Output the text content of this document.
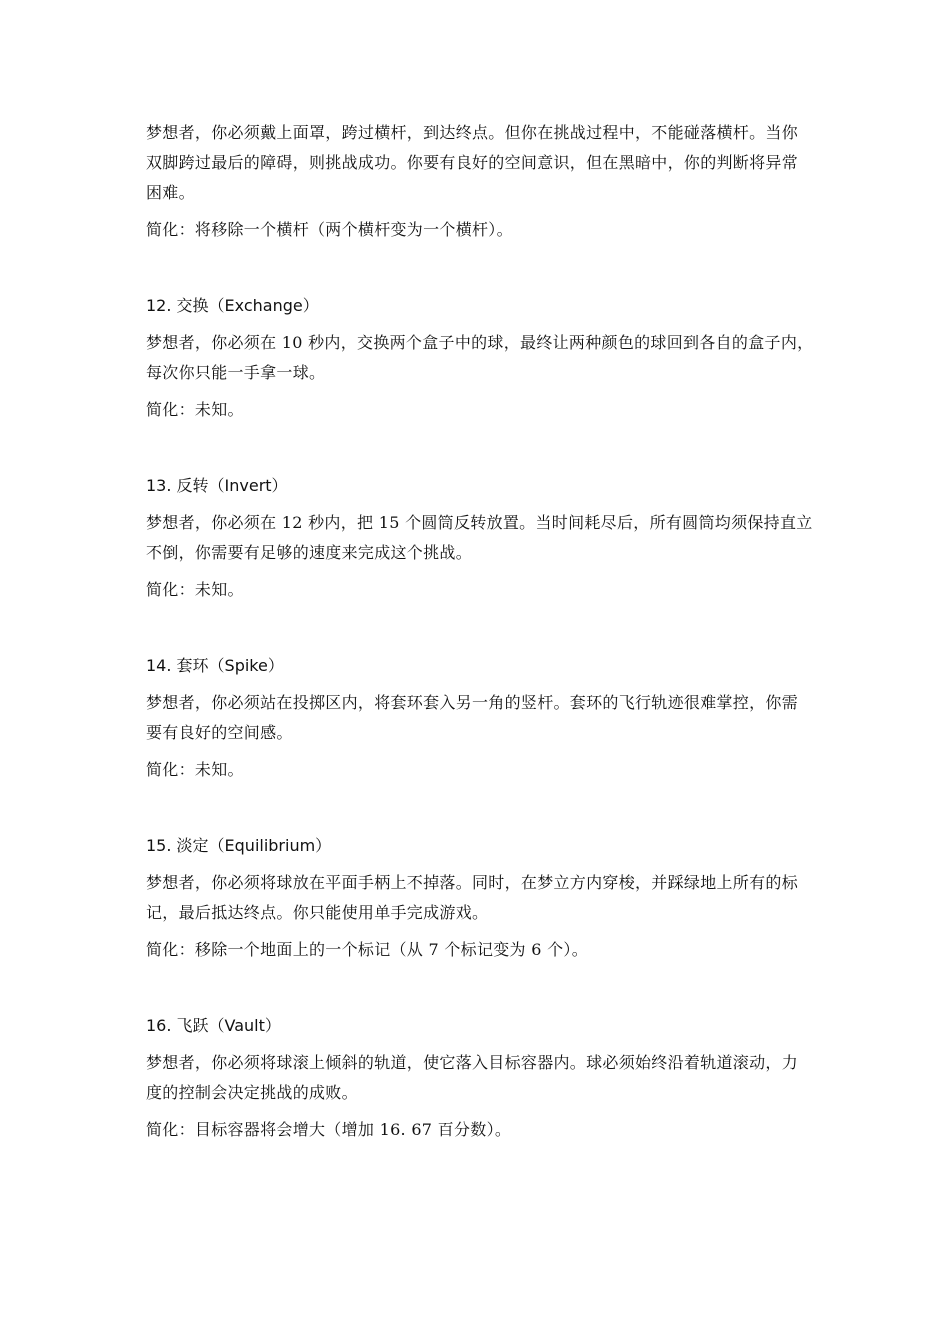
梦想者，你必须戴上面罩，跨过横杆，到达终点。但你在挑战过程中，不能碰落横杆。当你双脚跨过最后的障碍，则挑战成功。你要有良好的空间意识，但在黑暗中，你的判断将异常困难。

简化：将移除一个横杆（两个横杆变为一个横杆）。

12. 交换（Exchange）

梦想者，你必须在 10 秒内，交换两个盒子中的球，最终让两种颜色的球回到各自的盒子内，每次你只能一手拿一球。

简化：未知。

13. 反转（Invert）

梦想者，你必须在 12 秒内，把 15 个圆筒反转放置。当时间耗尽后，所有圆筒均须保持直立不倒，你需要有足够的速度来完成这个挑战。

简化：未知。

14. 套环（Spike）

梦想者，你必须站在投掷区内，将套环套入另一角的竖杆。套环的飞行轨迹很难掌控，你需要有良好的空间感。

简化：未知。

15. 淡定（Equilibrium）

梦想者，你必须将球放在平面手柄上不掉落。同时，在梦立方内穿梭，并踩绿地上所有的标记，最后抵达终点。你只能使用单手完成游戏。

简化：移除一个地面上的一个标记（从 7 个标记变为 6 个）。

16. 飞跃（Vault）

梦想者，你必须将球滚上倾斜的轨道，使它落入目标容器内。球必须始终沿着轨道滚动，力度的控制会决定挑战的成败。

简化：目标容器将会增大（增加 16. 67 百分数）。
